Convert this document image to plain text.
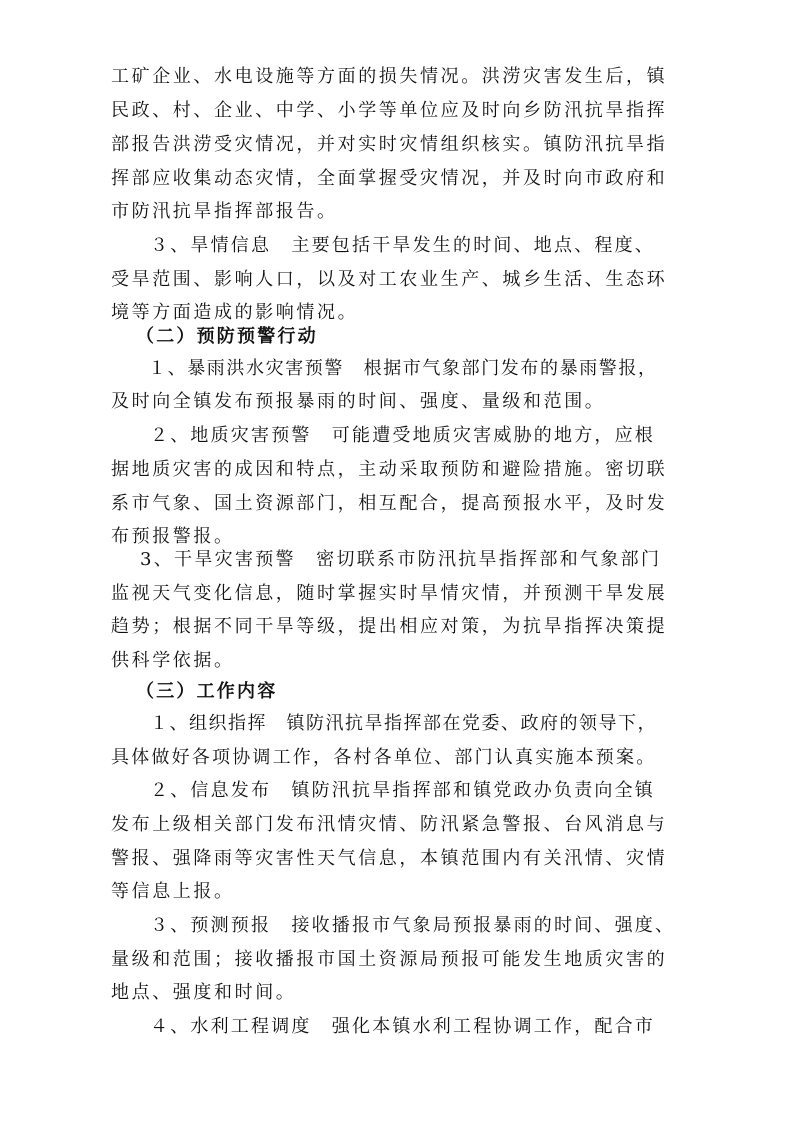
工矿企业、水电设施等方面的损失情况。洪涝灾害发生后，镇
民政、村、企业、中学、小学等单位应及时向乡防汛抗旱指挥
部报告洪涝受灾情况，并对实时灾情组织核实。镇防汛抗旱指
挥部应收集动态灾情，全面掌握受灾情况，并及时向市政府和
市防汛抗旱指挥部报告。
３、旱情信息　主要包括干旱发生的时间、地点、程度、
受旱范围、影响人口，以及对工农业生产、城乡生活、生态环
境等方面造成的影响情况。
（二）预防预警行动
１、暴雨洪水灾害预警　根据市气象部门发布的暴雨警报，
及时向全镇发布预报暴雨的时间、强度、量级和范围。
２、地质灾害预警　可能遭受地质灾害威胁的地方，应根
据地质灾害的成因和特点，主动采取预防和避险措施。密切联
系市气象、国土资源部门，相互配合，提高预报水平，及时发
布预报警报。
3、干旱灾害预警　密切联系市防汛抗旱指挥部和气象部门
监视天气变化信息，随时掌握实时旱情灾情，并预测干旱发展
趋势；根据不同干旱等级，提出相应对策，为抗旱指挥决策提
供科学依据。
（三）工作内容
１、组织指挥　镇防汛抗旱指挥部在党委、政府的领导下，
具体做好各项协调工作，各村各单位、部门认真实施本预案。
２、信息发布　镇防汛抗旱指挥部和镇党政办负责向全镇
发布上级相关部门发布汛情灾情、防汛紧急警报、台风消息与
警报、强降雨等灾害性天气信息，本镇范围内有关汛情、灾情
等信息上报。
３、预测预报　接收播报市气象局预报暴雨的时间、强度、
量级和范围；接收播报市国土资源局预报可能发生地质灾害的
地点、强度和时间。
４、水利工程调度　强化本镇水利工程协调工作，配合市
